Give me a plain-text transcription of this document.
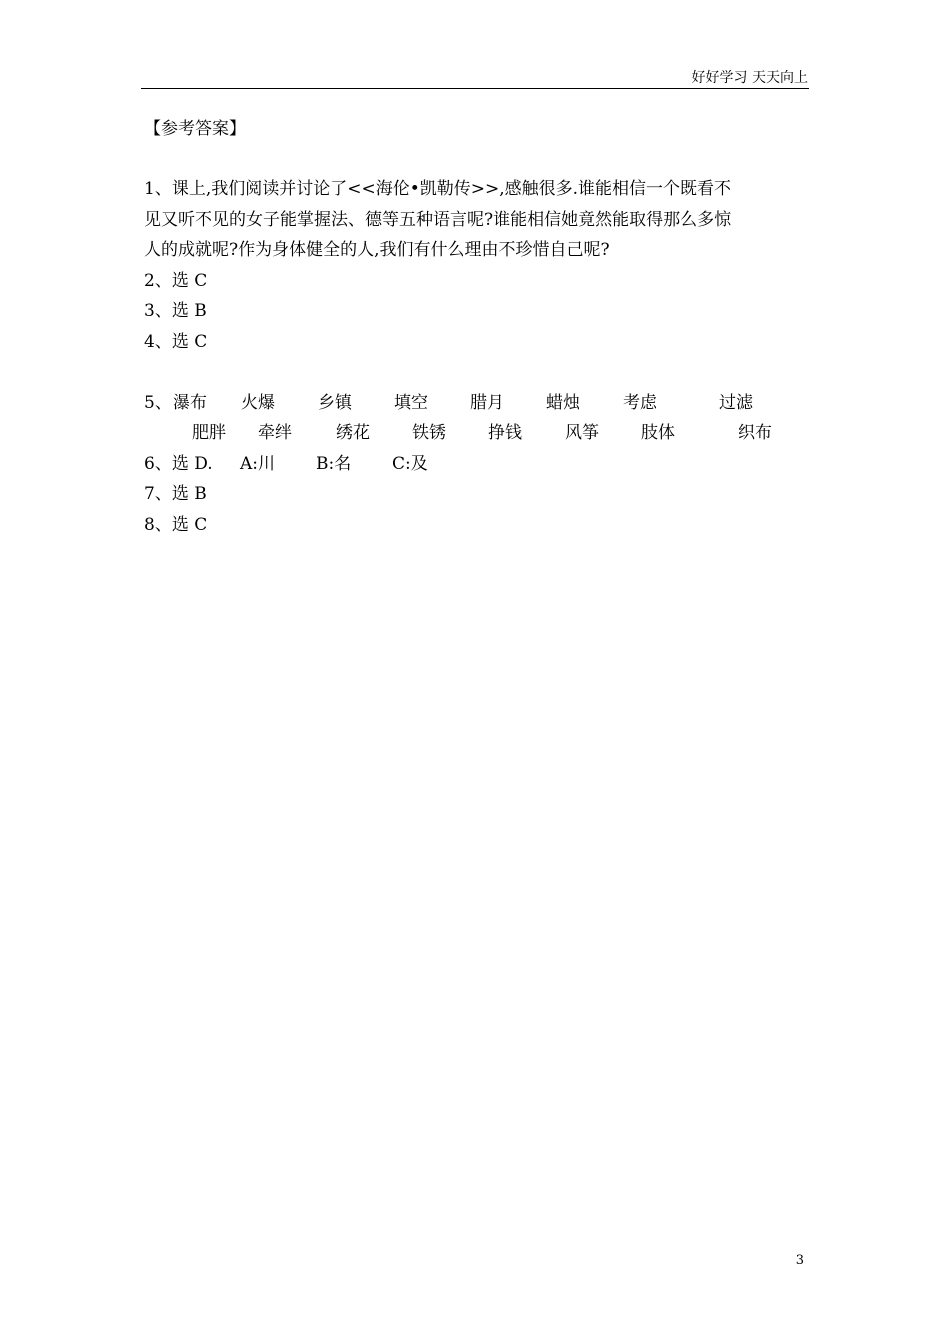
好好学习 天天向上
【参考答案】

1、课上,我们阅读并讨论了<<海伦•凯勒传>>,感触很多.谁能相信一个既看不

见又听不见的女子能掌握法、德等五种语言呢?谁能相信她竟然能取得那么多惊

人的成就呢?作为身体健全的人,我们有什么理由不珍惜自己呢?

2、选 C
3、选 B
4、选 C
5、 瀑布 火爆	乡镇 填空 腊月 蜡烛	考虑	过滤
肥胖 牵绊	绣花 铁锈 挣钱	风筝 肢体	织布
6、选 D. A:川 B:名 C:及
7、选 B
8、选 C
3
